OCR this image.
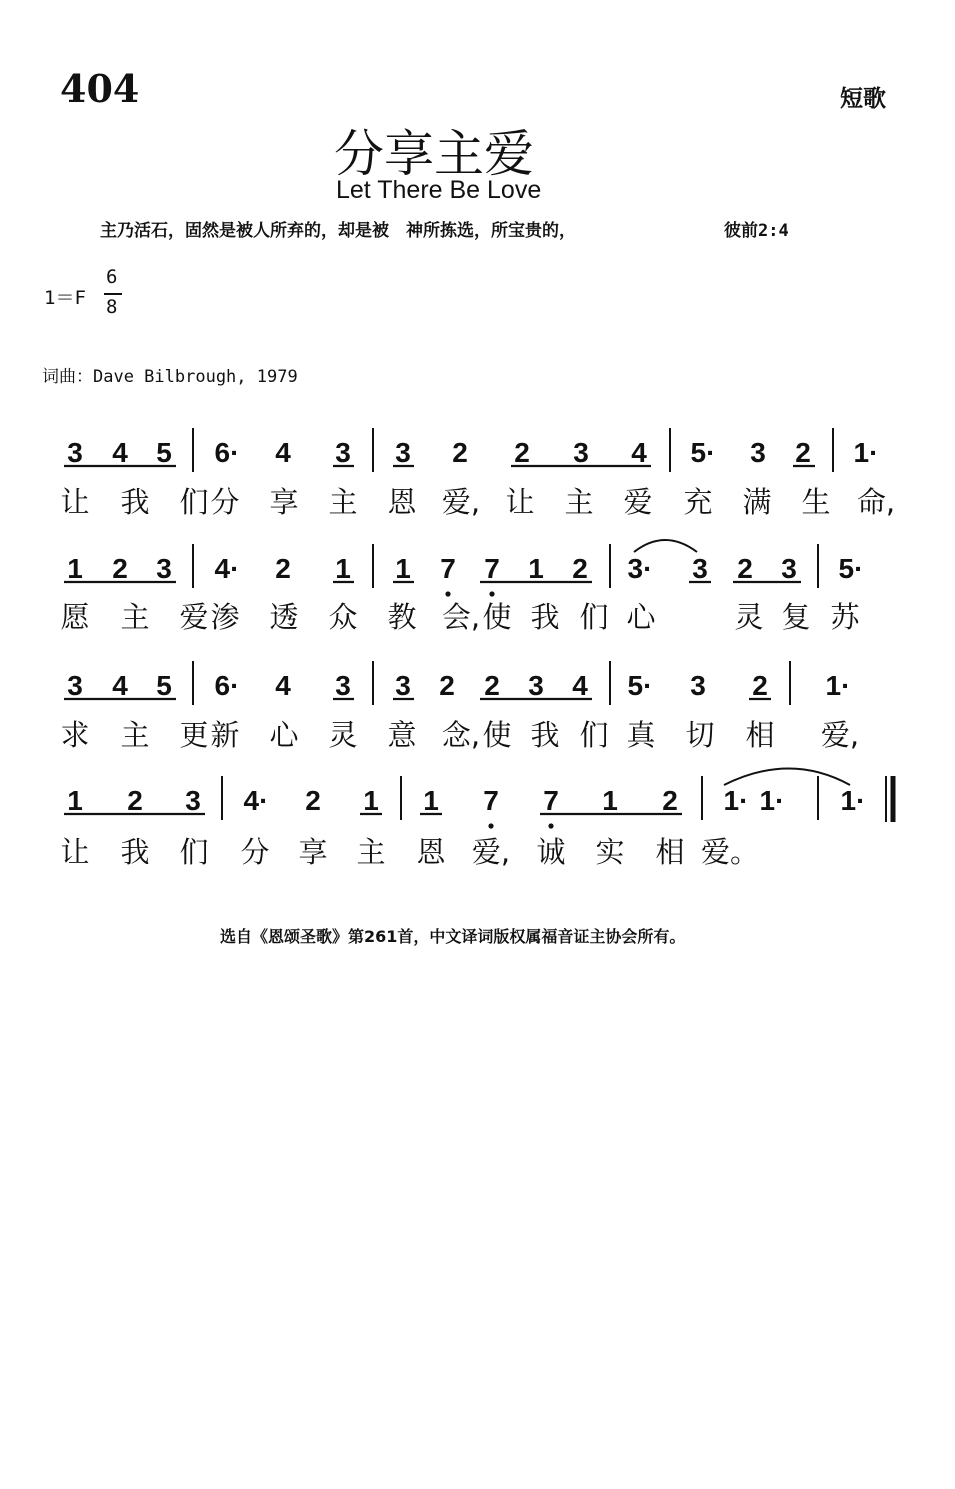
404	短歌
分享主爱
Let There Be Love
主乃活石，固然是被人所弃的，却是被　神所拣选，所宝贵的，	彼前2:4
1＝F
6
8
词曲：Dave Bilbrough, 1979
3 4 5 6· 4 3 3 2 2 3 4 5· 3 2 1·
让 我 们 分 享 主 恩 爱, 让 主 爱 充 满 生 命,
1 2 3 4· 2 1 1 7 7 1 2 3· 3 2 3 5·
愿 主 爱 渗 透 众 教 会, 使 我 们 心	灵 复 苏
3 4 5 6· 4 3 3 2 2 3 4 5· 3 2 1·
求 主 更 新 心 灵 意 念, 使 我 们 真 切 相 爱,
1 2 3 4· 2 1 1 7 7 1 2 1· 1· 1·
让 我 们 分 享 主 恩 爱, 诚 实 相 爱。
选自《恩颂圣歌》第261首，中文译词版权属福音证主协会所有。
